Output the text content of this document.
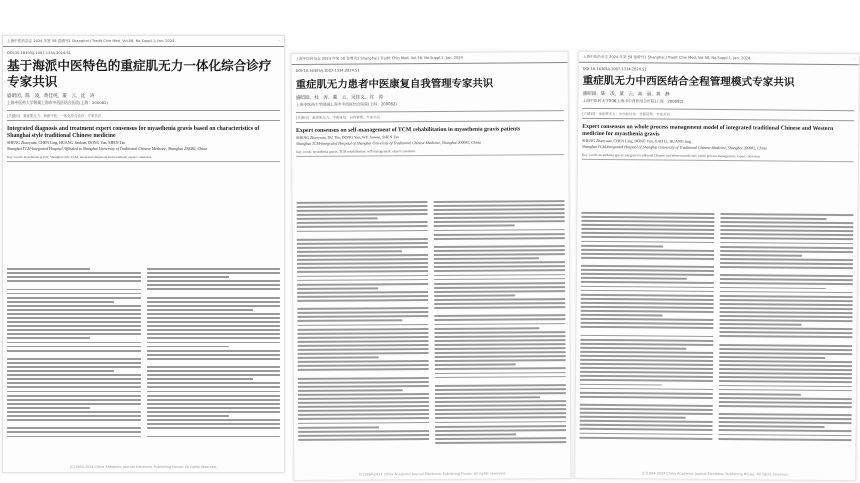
上海中医药杂志 2024 年第 58 卷增刊1 Shanghai J Tradit Chin Med, Vol.58, No.Suppl.1, Jan. 2024	·
DOI:10.16305/j.1007-1334.2024.S1
基于海派中医特色的重症肌无力一体化综合诊疗专家共识
盛昭园，陈　凌，黄佳纯，董　云，沈　涛
上海中医药大学附属上海市中西医结合医院(上海　200082)
[关键词]　重症肌无力；海派中医；一体化综合诊疗；专家共识
Integrated diagnosis and treatment expert consensus for myasthenia gravis based on characteristics of Shanghai style traditional Chinese medicine
SHENG Zhaoyuan, CHEN Ling, HUANG Jiachun, DONG Yun, SHEN Tao
Shanghai TCM-Integrated Hospital Affiliated to Shanghai University of Traditional Chinese Medicine, Shanghai 200082, China
Key words: myasthenia gravis; Shanghai style TCM; integrated diagnosis and treatment; expert consensus
(C)1994-2024 China Academic Journal Electronic Publishing House. All rights reserved.
上海中医药杂志 2024 年第 58 卷增刊1 Shanghai J Tradit Chin Med, Vol.58, No.Suppl.1, Jan. 2024	·
DOI:10.16305/j.1007-1334.2024.S1
重症肌无力患者中医康复自我管理专家共识
盛昭园，杜　涛，董　云，吴佳文，沈　涛
上海中医药大学附属上海市中西医结合医院(上海　200082)
[关键词]　重症肌无力；中医康复；自我管理；专家共识
Expert consensus on self-management of TCM rehabilitation in myasthenia gravis patients
SHENG Zhaoyuan, DU Tao, DONG Yun, WU Jiawen, SHEN Tao
Shanghai TCM-Integrated Hospital of Shanghai University of Traditional Chinese Medicine, Shanghai 200082, China
Key words: myasthenia gravis; TCM rehabilitation; self-management; expert consensus
(C)1994-2024 China Academic Journal Electronic Publishing House. All rights reserved.
上海中医药杂志 2024 年第 58 卷增刊1 Shanghai J Tradit Chin Med, Vol.58, No.Suppl.1, Jan. 2024	·
DOI:10.16305/j.1007-1334.2024.S1
重症肌无力中西医结合全程管理模式专家共识
盛昭园，陈　凌，董　云，高　丽，黄　静
上海中医药大学附属上海市中西医结合医院(上海　200082)
[关键词]　重症肌无力；中西医结合；全程管理；专家共识
Expert consensus on whole process management model of integrated traditional Chinese and Western medicine for myasthenia gravis
SHENG Zhaoyuan, CHEN Ling, DONG Yun, GAO Li, HUANG Jing
Shanghai TCM-Integrated Hospital of Shanghai University of Traditional Chinese Medicine, Shanghai 200082, China
Key words: myasthenia gravis; integrated traditional Chinese and Western medicine; whole process management; expert consensus
(C)1994-2024 China Academic Journal Electronic Publishing House. All rights reserved.
